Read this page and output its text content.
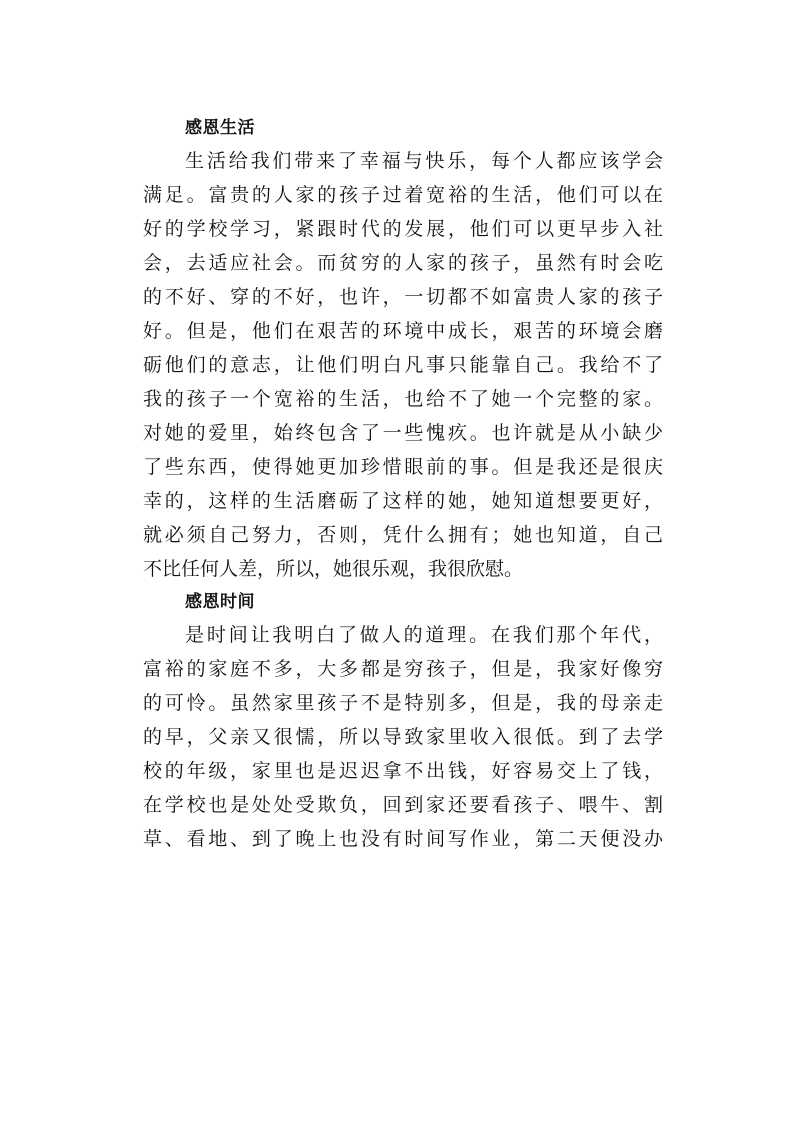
感恩生活

生活给我们带来了幸福与快乐，每个人都应该学会
满足。富贵的人家的孩子过着宽裕的生活，他们可以在
好的学校学习，紧跟时代的发展，他们可以更早步入社
会，去适应社会。而贫穷的人家的孩子，虽然有时会吃
的不好、穿的不好，也许，一切都不如富贵人家的孩子
好。但是，他们在艰苦的环境中成长，艰苦的环境会磨
砺他们的意志，让他们明白凡事只能靠自己。我给不了
我的孩子一个宽裕的生活，也给不了她一个完整的家。
对她的爱里，始终包含了一些愧疚。也许就是从小缺少
了些东西，使得她更加珍惜眼前的事。但是我还是很庆
幸的，这样的生活磨砺了这样的她，她知道想要更好，
就必须自己努力，否则，凭什么拥有；她也知道，自己
不比任何人差，所以，她很乐观，我很欣慰。

感恩时间

是时间让我明白了做人的道理。在我们那个年代，
富裕的家庭不多，大多都是穷孩子，但是，我家好像穷
的可怜。虽然家里孩子不是特别多，但是，我的母亲走
的早，父亲又很懦，所以导致家里收入很低。到了去学
校的年级，家里也是迟迟拿不出钱，好容易交上了钱，
在学校也是处处受欺负，回到家还要看孩子、喂牛、割
草、看地、到了晚上也没有时间写作业，第二天便没办
